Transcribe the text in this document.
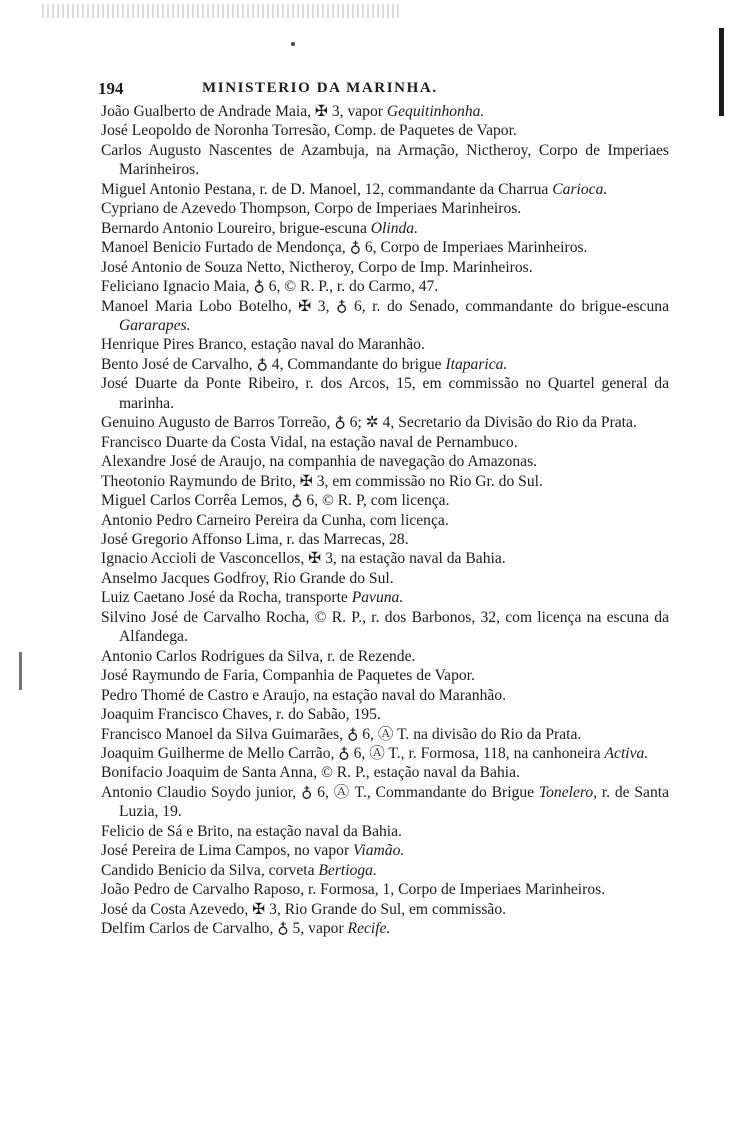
194	MINISTERIO DA MARINHA.
João Gualberto de Andrade Maia, ✠ 3, vapor Gequitinhonha.
José Leopoldo de Noronha Torresão, Comp. de Paquetes de Vapor.
Carlos Augusto Nascentes de Azambuja, na Armação, Nictheroy, Corpo de Imperiaes Marinheiros.
Miguel Antonio Pestana, r. de D. Manoel, 12, commandante da Charrua Carioca.
Cypriano de Azevedo Thompson, Corpo de Imperiaes Marinheiros.
Bernardo Antonio Loureiro, brigue-escuna Olinda.
Manoel Benicio Furtado de Mendonça, ♁ 6, Corpo de Imperiaes Marinheiros.
José Antonio de Souza Netto, Nictheroy, Corpo de Imp. Marinheiros.
Feliciano Ignacio Maia, ♁ 6, © R. P., r. do Carmo, 47.
Manoel Maria Lobo Botelho, ✠ 3, ♁ 6, r. do Senado, commandante do brigue-escuna Gararapes.
Henrique Pires Branco, estação naval do Maranhão.
Bento José de Carvalho, ♁ 4, Commandante do brigue Itaparica.
José Duarte da Ponte Ribeiro, r. dos Arcos, 15, em commissão no Quartel general da marinha.
Genuino Augusto de Barros Torreão, ♁ 6; ✲ 4, Secretario da Divisão do Rio da Prata.
Francisco Duarte da Costa Vidal, na estação naval de Pernambuco.
Alexandre José de Araujo, na companhia de navegação do Amazonas.
Theotonio Raymundo de Brito, ✠ 3, em commissão no Rio Gr. do Sul.
Miguel Carlos Corrêa Lemos, ♁ 6, © R. P, com licença.
Antonio Pedro Carneiro Pereira da Cunha, com licença.
José Gregorio Affonso Lima, r. das Marrecas, 28.
Ignacio Accioli de Vasconcellos, ✠ 3, na estação naval da Bahia.
Anselmo Jacques Godfroy, Rio Grande do Sul.
Luiz Caetano José da Rocha, transporte Pavuna.
Silvino José de Carvalho Rocha, © R. P., r. dos Barbonos, 32, com licença na escuna da Alfandega.
Antonio Carlos Rodrigues da Silva, r. de Rezende.
José Raymundo de Faria, Companhia de Paquetes de Vapor.
Pedro Thomé de Castro e Araujo, na estação naval do Maranhão.
Joaquim Francisco Chaves, r. do Sabão, 195.
Francisco Manoel da Silva Guimarães, ♁ 6, Ⓐ T. na divisão do Rio da Prata.
Joaquim Guilherme de Mello Carrão, ♁ 6, Ⓐ T., r. Formosa, 118, na canhoneira Activa.
Bonifacio Joaquim de Santa Anna, © R. P., estação naval da Bahia.
Antonio Claudio Soydo junior, ♁ 6, Ⓐ T., Commandante do Brigue Tonelero, r. de Santa Luzia, 19.
Felicio de Sá e Brito, na estação naval da Bahia.
José Pereira de Lima Campos, no vapor Viamão.
Candido Benicio da Silva, corveta Bertioga.
João Pedro de Carvalho Raposo, r. Formosa, 1, Corpo de Imperiaes Marinheiros.
José da Costa Azevedo, ✠ 3, Rio Grande do Sul, em commissão.
Delfim Carlos de Carvalho, ♁ 5, vapor Recife.
